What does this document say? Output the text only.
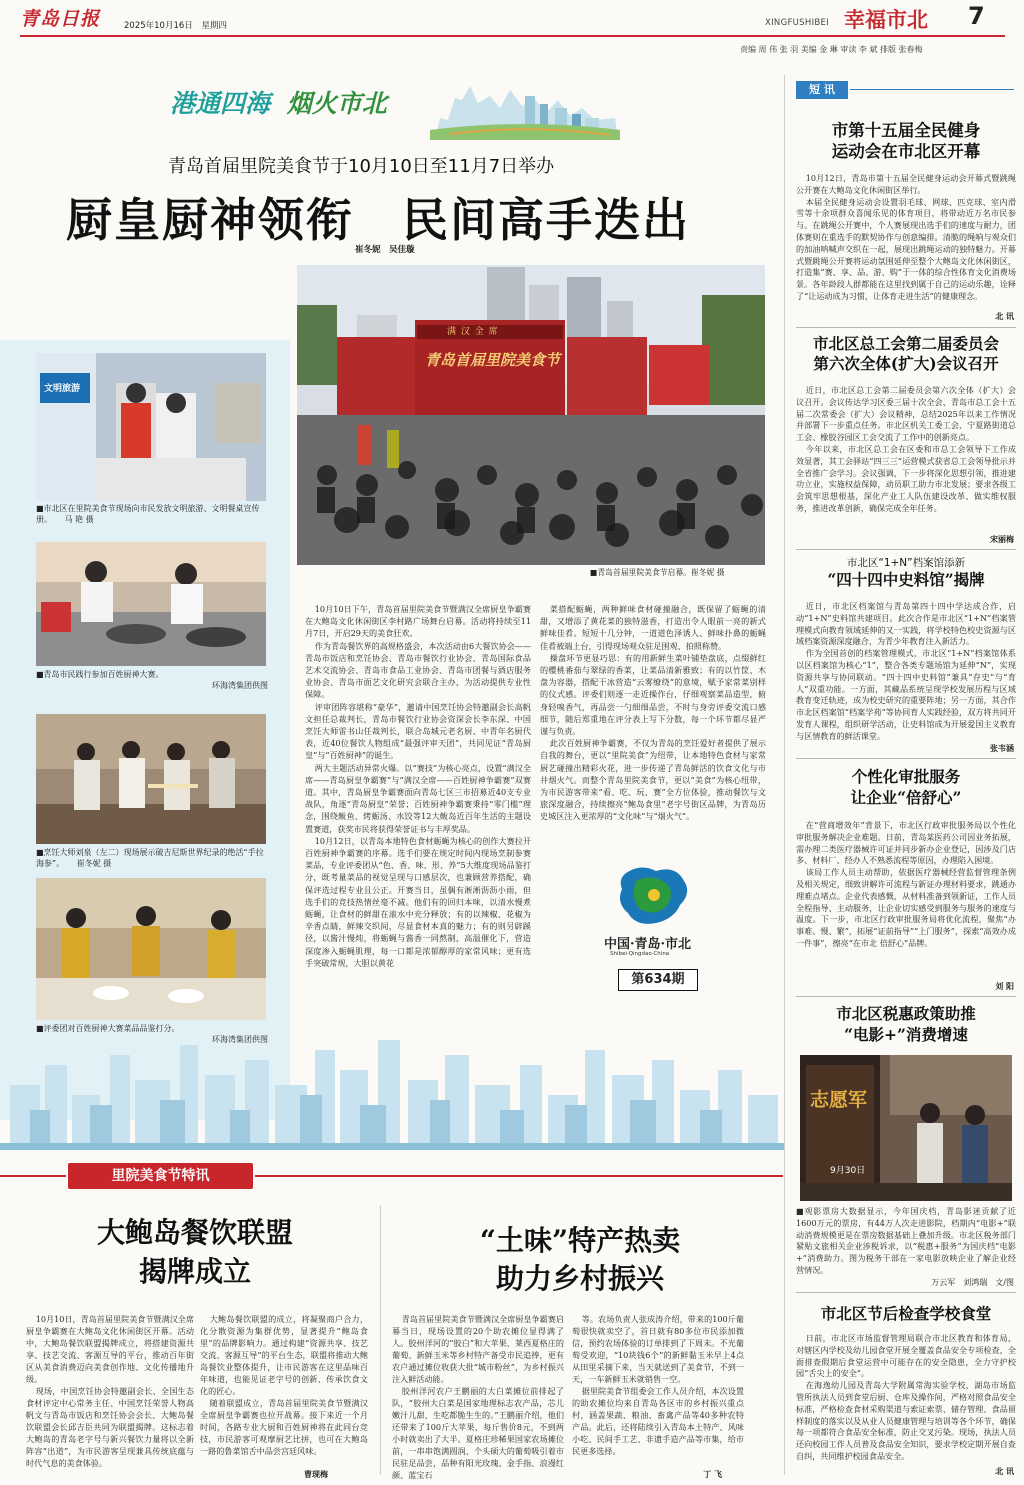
青岛日报	2025年10月16日 星期四	XINGFUSHIBEI 幸福市北 7
责编 周 伟 张 羽 美编 金 琳 审读 李 斌 排版 张春梅
港通四海 烟火市北
青岛首届里院美食节于10月10日至11月7日举办
厨皇厨神领衔　民间高手迭出
崔冬妮　吴佳璇
青岛首届里院美食节
满 汉 全 席
■青岛首届里院美食节启幕。崔冬妮 摄
文明旅游
■市北区在里院美食节现场向市民发放文明旅游、文明餐桌宣传册。 马 艳 摄
■青岛市民践行参加百姓厨神大赛。
环海湾集团供图
■烹饪大师刘泉（左二）现场展示破吉尼斯世界纪录的绝活“手拉海参”。 崔冬妮 摄
■评委团对百姓厨神大赛菜品品鉴打分。
环海湾集团供图

10月10日下午，青岛首届里院美食节暨满汉全席厨皇争霸赛在大鲍岛文化休闲街区李村路广场舞台启幕。活动将持续至11月7日，开启29天的美食狂欢。

作为青岛餐饮界的高规格盛会，本次活动由6大餐饮协会——青岛市饭店和烹饪协会、青岛市餐饮行业协会、青岛国际食品艺术交流协会、青岛市食品工业协会、青岛市团餐与酒店服务业协会、青岛市面艺文化研究会联合主办，为活动提供专业性保障。

评审团阵容堪称“豪华”，邀请中国烹饪协会特邀副会长高帆文担任总裁判长，青岛市餐饮行业协会资深会长李东深、中国烹饪大师雷书山任裁判长，联合岛城元老名厨、中青年名厨代表，近40位餐饮人物组成“最强评审天团”，共同见证“青岛厨皇”与“百姓厨神”的诞生。

两大主题活动异常火爆。以“赛技”为核心亮点，设置“满汉全席——青岛厨皇争霸赛”与“满汉全席——百姓厨神争霸赛”双赛道。其中，青岛厨皇争霸赛面向青岛七区三市招募近40支专业战队，角逐“青岛厨皇”荣誉；百姓厨神争霸赛秉持“零门槛”理念，围绕鲅鱼、烤蛎汤、水饺等12大鲅岛近百年生活的主题设置赛道，获奖市民将获得荣誉证书与丰厚奖品。

10月12日，以青岛本地特色食材蛎蝇为核心的创作大赛拉开百姓厨神争霸赛的序幕。选手们要在规定时间内现场烹制参赛菜品，专业评委团从“色、香、味、形、养”5大维度现场品鉴打分，既考量菜品的视觉呈现与口感层次，也兼顾营养搭配，确保评选过程专业且公正。开赛当日，虽偶有淅淅沥沥小雨，但选手们的竞技热情丝毫不减。他们有的回归本味，以清水慢煮蛎蝇，让食材的鲜甜在滚水中充分释放；有的以辣椒、花椒为辛香点睛，鲜辣交织间，尽显食材本真的魅力；有的则另辟蹊径，以酱汁慢炖，将蛎蝇与酱香一同熬制，高温催化下，营造深度渗入蛎蝇肌理，每一口都是浓郁醇厚的家常风味；更有选手突破常规，大胆以黄花

菜搭配蛎蝇，两种鲜味食材碰撞融合，既保留了蛎蝇的清甜，又增添了黄花菜的独特滋香，打造出令人眼前一亮的新式鲜味佳肴。短短十几分钟，一道道色泽诱人、鲜味扑鼻的蛎蝇佳肴被端上台，引得现场观众驻足围观、拍照称赞。

操盘环节更显巧思：有的用新鲜生菜叶铺垫盘底，点缀鲜红的樱桃番茄与翠绿的香菜，让菜品清新雅致；有的以竹筐、木盘为容器，搭配干冰营造“云雾缭绕”的意境，赋予家常菜别样的仪式感。评委们则逐一走近操作台，仔细观察菜品造型，俯身轻嗅香气，再品尝一勺细细品尝，不时与身旁评委交流口感细节，随后郑重地在评分表上写下分数，每一个环节都尽显严谨与负责。

此次百姓厨神争霸赛，不仅为青岛的烹饪爱好者提供了展示自我的舞台，更以“里院美食”为纽带，让本地特色食材与家常厨艺碰撞出精彩火花，进一步传递了青岛鲜活的饮食文化与市井烟火气。而整个青岛里院美食节，更以“美食”为核心纽带，为市民游客带来“看、吃、玩、赛”全方位体验，推动餐饮与文旅深度融合，持续擦亮“鲍岛食里”老字号街区品牌，为青岛历史城区注入更浓厚的“文化味”与“烟火气”。

中国·青岛·市北
Shibei·Qingdao·China
第634期
短 讯
市第十五届全民健身
运动会在市北区开幕

10月12日，青岛市第十五届全民健身运动会开幕式暨跳绳公开赛在大鲍岛文化休闲街区举行。

本届全民健身运动会设置羽毛球、网球、匹克球、室内滑雪等十余项群众喜闻乐见的体育项目，将带动近万名市民参与。在跳绳公开赛中，个人赛展现出选手们的速度与耐力，团体赛则在重选手的默契协作与创意编排。清脆的绳响与观众们的加油呐喊声交织在一起，展现出跳绳运动的独特魅力。开幕式暨跳绳公开赛将运动氛围延伸至整个大鲍岛文化休闲街区，打造集“赛、享、品、游、购”于一体的综合性体育文化消费场景。各年龄段人群都能在这里找到属于自己的运动乐趣，诠释了“让运动成为习惯，让体育走进生活”的健康理念。

北 讯
市北区总工会第二届委员会
第六次全体(扩大)会议召开

近日，市北区总工会第二届委员会第六次全体（扩大）会议召开。会议传达学习区委三届十次全会、青岛市总工会十五届二次常委会（扩大）会议精神，总结2025年以来工作情况并部署下一步重点任务。市北区机关工委工会、宁夏路街道总工会、橡胶谷园区工会交流了工作中的创新亮点。

今年以来，市北区总工会在区委和市总工会领导下工作成效显著，其工会驿站“四三三”运营模式获省总工会领导批示并全省推广会学习。会议强调，下一步将深化思想引领，推进建功立业，实施权益保障，动员职工助力市北发展；要求各级工会筑牢思想根基，深化产业工人队伍建设改革、做实维权服务，推进改革创新，确保完成全年任务。

宋丽梅
市北区“1+N”档案馆添新
“四十四中史料馆”揭牌

近日，市北区档案馆与青岛第四十四中学达成合作，启动“1+N”史料馆共建项目。此次合作是市北区“1+N”档案管理模式向教育领域延伸的又一实践，将学校特色校史资源与区域档案资源深度融合，为青少年教育注入新活力。

作为全国首创的档案管理模式，市北区“1+N”档案馆体系以区档案馆为核心“1”，整合各类专题场馆为延伸“N”，实现资源共享与协同联动。“四十四中史料馆”兼具“存史”与“育人”双重功能。一方面，其藏品系统呈现学校发展历程与区域教育变迁轨迹，成为校史研究的重要阵地；另一方面，其合作市北区档案馆“档案学苑”等协同育人实践经验，双方将共同开发育人课程，组织研学活动，让史料馆成为开展爱国主义教育与区情教育的鲜活课堂。

张韦涵
个性化审批服务
让企业“倍舒心”

在“营商增效年”背景下，市北区行政审批服务局以个性化审批服务解决企业难题。日前，青岛某医药公司因业务拓展，需办理二类医疗器械许可证并同步新办企业登记，因涉及门店多、材料厂、经办人不熟悉流程等原因，办理陷入困境。

该局工作人员主动帮助，依据医疗器械经营监督管理条例及相关规定，细致讲解许可流程与新证办理材料要求，跳通办理难点堵点。企业代表感慨，从材料准备到领新证，工作人员全程指导、主动服务，让企业切实感受到服务与服务的速度与温度。下一步，市北区行政审批服务局将优化流程，聚焦“办事难、慢、繁”，拓展“证前指导”“上门服务”，探索“高效办成一件事”，擦亮“在市北 倍舒心”品牌。

刘 阳
市北区税惠政策助推
“电影+”消费增速
志愿军
9月30日

■观影票房大数据显示，今年国庆档，青岛影迷贡献了近1600万元的票房，有44万人次走进影院，档期内“电影+”联动消费规模更是在票房数据基础上叠加升级。市北区税务部门紧贴文旅相关企业涉税诉求，以“税惠+服务”为国庆档“电影+”消费助力。图为税务干部在一家电影放映企业了解企业经营情况。

万云军　刘鸿瑞　文/图
市北区节后检查学校食堂

日前，市北区市场监督管理局联合市北区教育和体育局，对辖区内学校及幼儿园食堂开展全覆盖食品安全专项检查，全面排查假期后食堂运营中可能存在的安全隐患，全力守护校园“舌尖上的安全”。

在海逸幼儿园及青岛大学附属常海实验学校，湖岛市场监管所执法人员到食堂后厨、仓库及操作间，严格对照食品安全标准，严格检查食材采购渠道与索证索票、储存管理、食品留样制度的落实以及从业人员健康管理与培训等各个环节，确保每一项都符合食品安全标准，防止交叉污染。现场，执法人员还向校园工作人员普及食品安全知识，要求学校定期开展自查自纠，共同维护校园食品安全。

北 讯
里院美食节特讯
大鲍岛餐饮联盟
揭牌成立

10月10日，青岛首届里院美食节暨满汉全席厨皇争霸赛在大鲍岛文化休闲街区开幕。活动中，大鲍岛餐饮联盟揭牌成立，将搭建资源共享、技艺交流、客源互导的平台，推动百年街区从美食消费迈向美食创作地、文化传播地升级。

现场，中国烹饪协会特邀副会长、全国生态食材评定中心常务主任、中国烹饪荣誉人物高帆文与青岛市饭店和烹饪协会会长、大鲍岛餐饮联盟会长邱吉臣共同为联盟揭牌。这标志着大鲍岛的青岛老字号与新兴餐饮力量将以全新阵容“出道”，为市民游客呈现兼具传统底蕴与时代气息的美食体验。

大鲍岛餐饮联盟的成立，将凝聚商户合力，化分散资源为集群优势，显著提升“鲍岛食里”的品牌影响力。通过构建“资源共享、技艺交流、客源互导”的平台生态，联盟将推动大鲍岛餐饮业整体提升，让市民游客在这里品味百年味道，也能见证老字号的创新、传承饮食文化的匠心。

随着联盟成立，青岛首届里院美食节暨满汉全席厨皇争霸赛也拉开战幕。接下来近一个月时间，各路专业大厨和百姓厨神将在此同台竞技，市民游客可观摩厨艺比拼，也可在大鲍岛一路的鲁菜馆舌中品尝宫廷风味。

曹现梅
“土味”特产热卖
助力乡村振兴

青岛首届里院美食节暨满汉全席厨皇争霸赛启幕当日，现场设置的20个助农摊位显得满了人。胶州洋河的“胶白”和大苹果、莱西夏格庄的葡萄、新鲜玉米等乡村特产备受市民追捧，更有农户通过摊位收获大批“城市粉丝”，为乡村振兴注入鲜活动能。

胶州洋河农户王鹏丽的大白菜摊位前排起了队，“胶州大白菜是国家地理标志农产品，芯儿嫩汁儿甜，生吃都脆生生的。”王鹏丽介绍，他们还带来了100斤大苹果，每斤售价8元，不到两小时就卖出了大半。夏格庄珍稀果国家农场摊位前，一串串饱满圆润、个头硕大的葡萄吸引着市民驻足品尝，品种有阳光玫瑰、金手指、浪漫红颜、蓝宝石

等。农场负责人张成涛介绍，带来的100斤葡萄很快就卖空了，首日就有80多位市民添加微信，预约农场体验的订单排到了下周末。不光葡萄受欢迎，“10块钱6个”的新鲜黏玉米早上4点从田里采摘下来，当天就送到了美食节，不到一天，一车新鲜玉米就销售一空。

据里院美食节组委会工作人员介绍，本次设置的助农摊位均来自青岛各区市的乡村振兴重点村，涵盖果蔬、粮油、畜禽产品等40多种农特产品。此后，还将陆续引入青岛本土特产、风味小吃、民间手工艺、非遗手造产品等市集，给市民更多选择。

丁 飞
